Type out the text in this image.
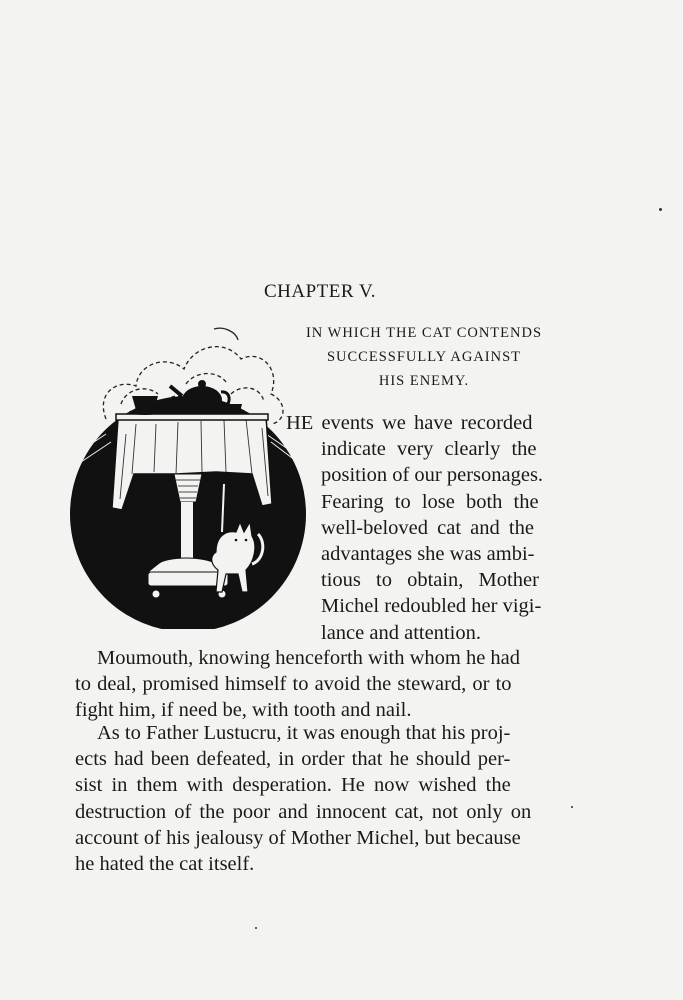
CHAPTER V.
IN WHICH THE CAT CONTENDS
SUCCESSFULLY AGAINST
HIS ENEMY.
HE events we have recorded
indicate very clearly the
position of our personages.
Fearing to lose both the
well-beloved cat and the
advantages she was ambi-
tious to obtain, Mother
Michel redoubled her vigi-
lance and attention.
Moumouth, knowing henceforth with whom he had
to deal, promised himself to avoid the steward, or to
fight him, if need be, with tooth and nail.
As to Father Lustucru, it was enough that his proj-
ects had been defeated, in order that he should per-
sist in them with desperation. He now wished the
destruction of the poor and innocent cat, not only on
account of his jealousy of Mother Michel, but because
he hated the cat itself.
